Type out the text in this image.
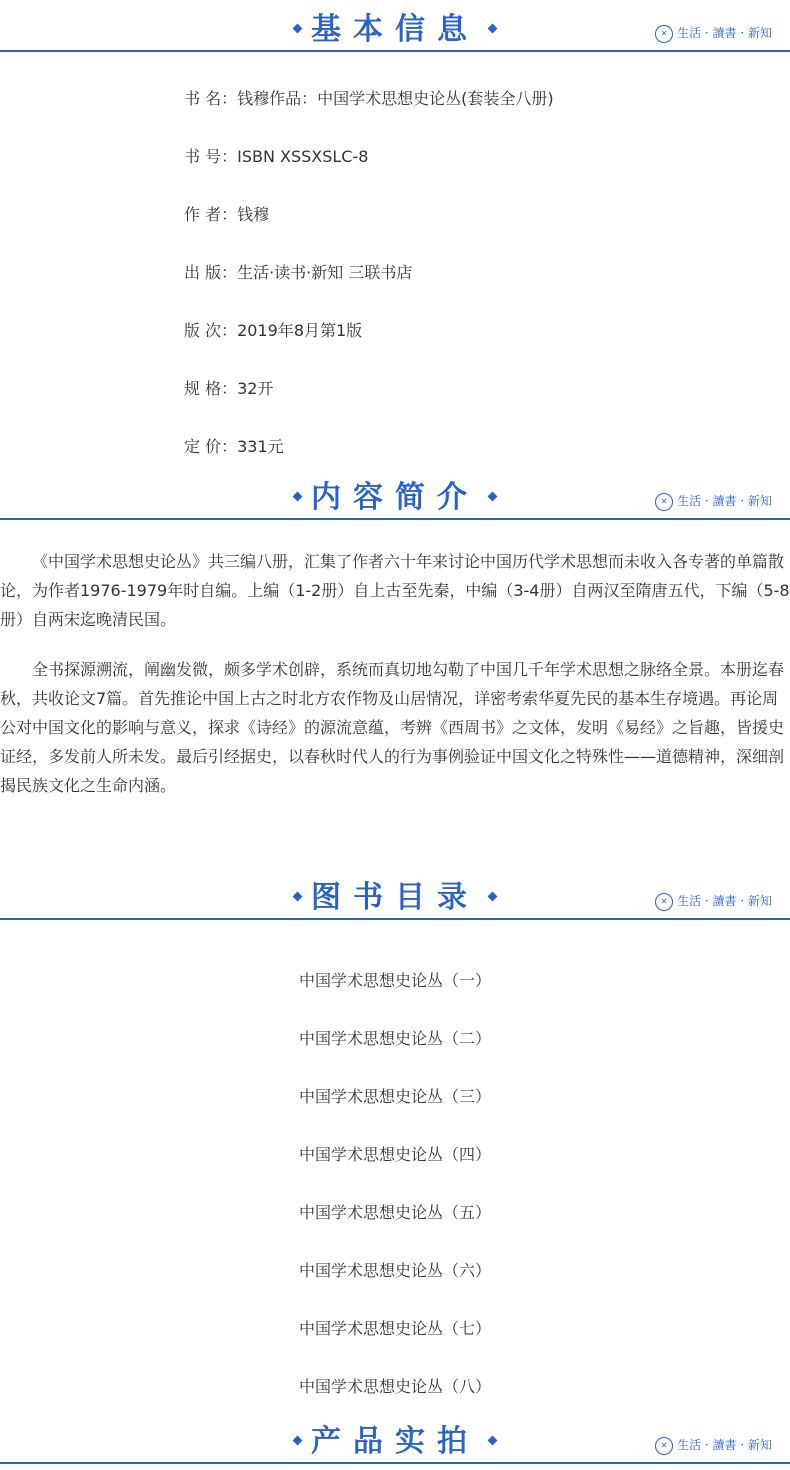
基本信息	✕ 生活 · 讀書 · 新知
书 名：钱穆作品：中国学术思想史论丛(套装全八册)
书 号：ISBN XSSXSLC-8
作 者：钱穆
出 版：生活·读书·新知 三联书店
版 次：2019年8月第1版
规 格：32开
定 价：331元
内容简介	✕ 生活 · 讀書 · 新知

《中国学术思想史论丛》共三编八册，汇集了作者六十年来讨论中国历代学术思想而未收入各专著的单篇散论，为作者1976-1979年时自编。上编（1-2册）自上古至先秦，中编（3-4册）自两汉至隋唐五代，下编（5-8册）自两宋迄晚清民国。

全书探源溯流，阐幽发微，颇多学术创辟，系统而真切地勾勒了中国几千年学术思想之脉络全景。本册迄春秋，共收论文7篇。首先推论中国上古之时北方农作物及山居情况，详密考索华夏先民的基本生存境遇。再论周公对中国文化的影响与意义，探求《诗经》的源流意蕴，考辨《西周书》之文体，发明《易经》之旨趣，皆援史证经，多发前人所未发。最后引经据史，以春秋时代人的行为事例验证中国文化之特殊性——道德精神，深细剖揭民族文化之生命内涵。

图书目录	✕ 生活 · 讀書 · 新知
中国学术思想史论丛（一）
中国学术思想史论丛（二）
中国学术思想史论丛（三）
中国学术思想史论丛（四）
中国学术思想史论丛（五）
中国学术思想史论丛（六）
中国学术思想史论丛（七）
中国学术思想史论丛（八）
产品实拍	✕ 生活 · 讀書 · 新知
